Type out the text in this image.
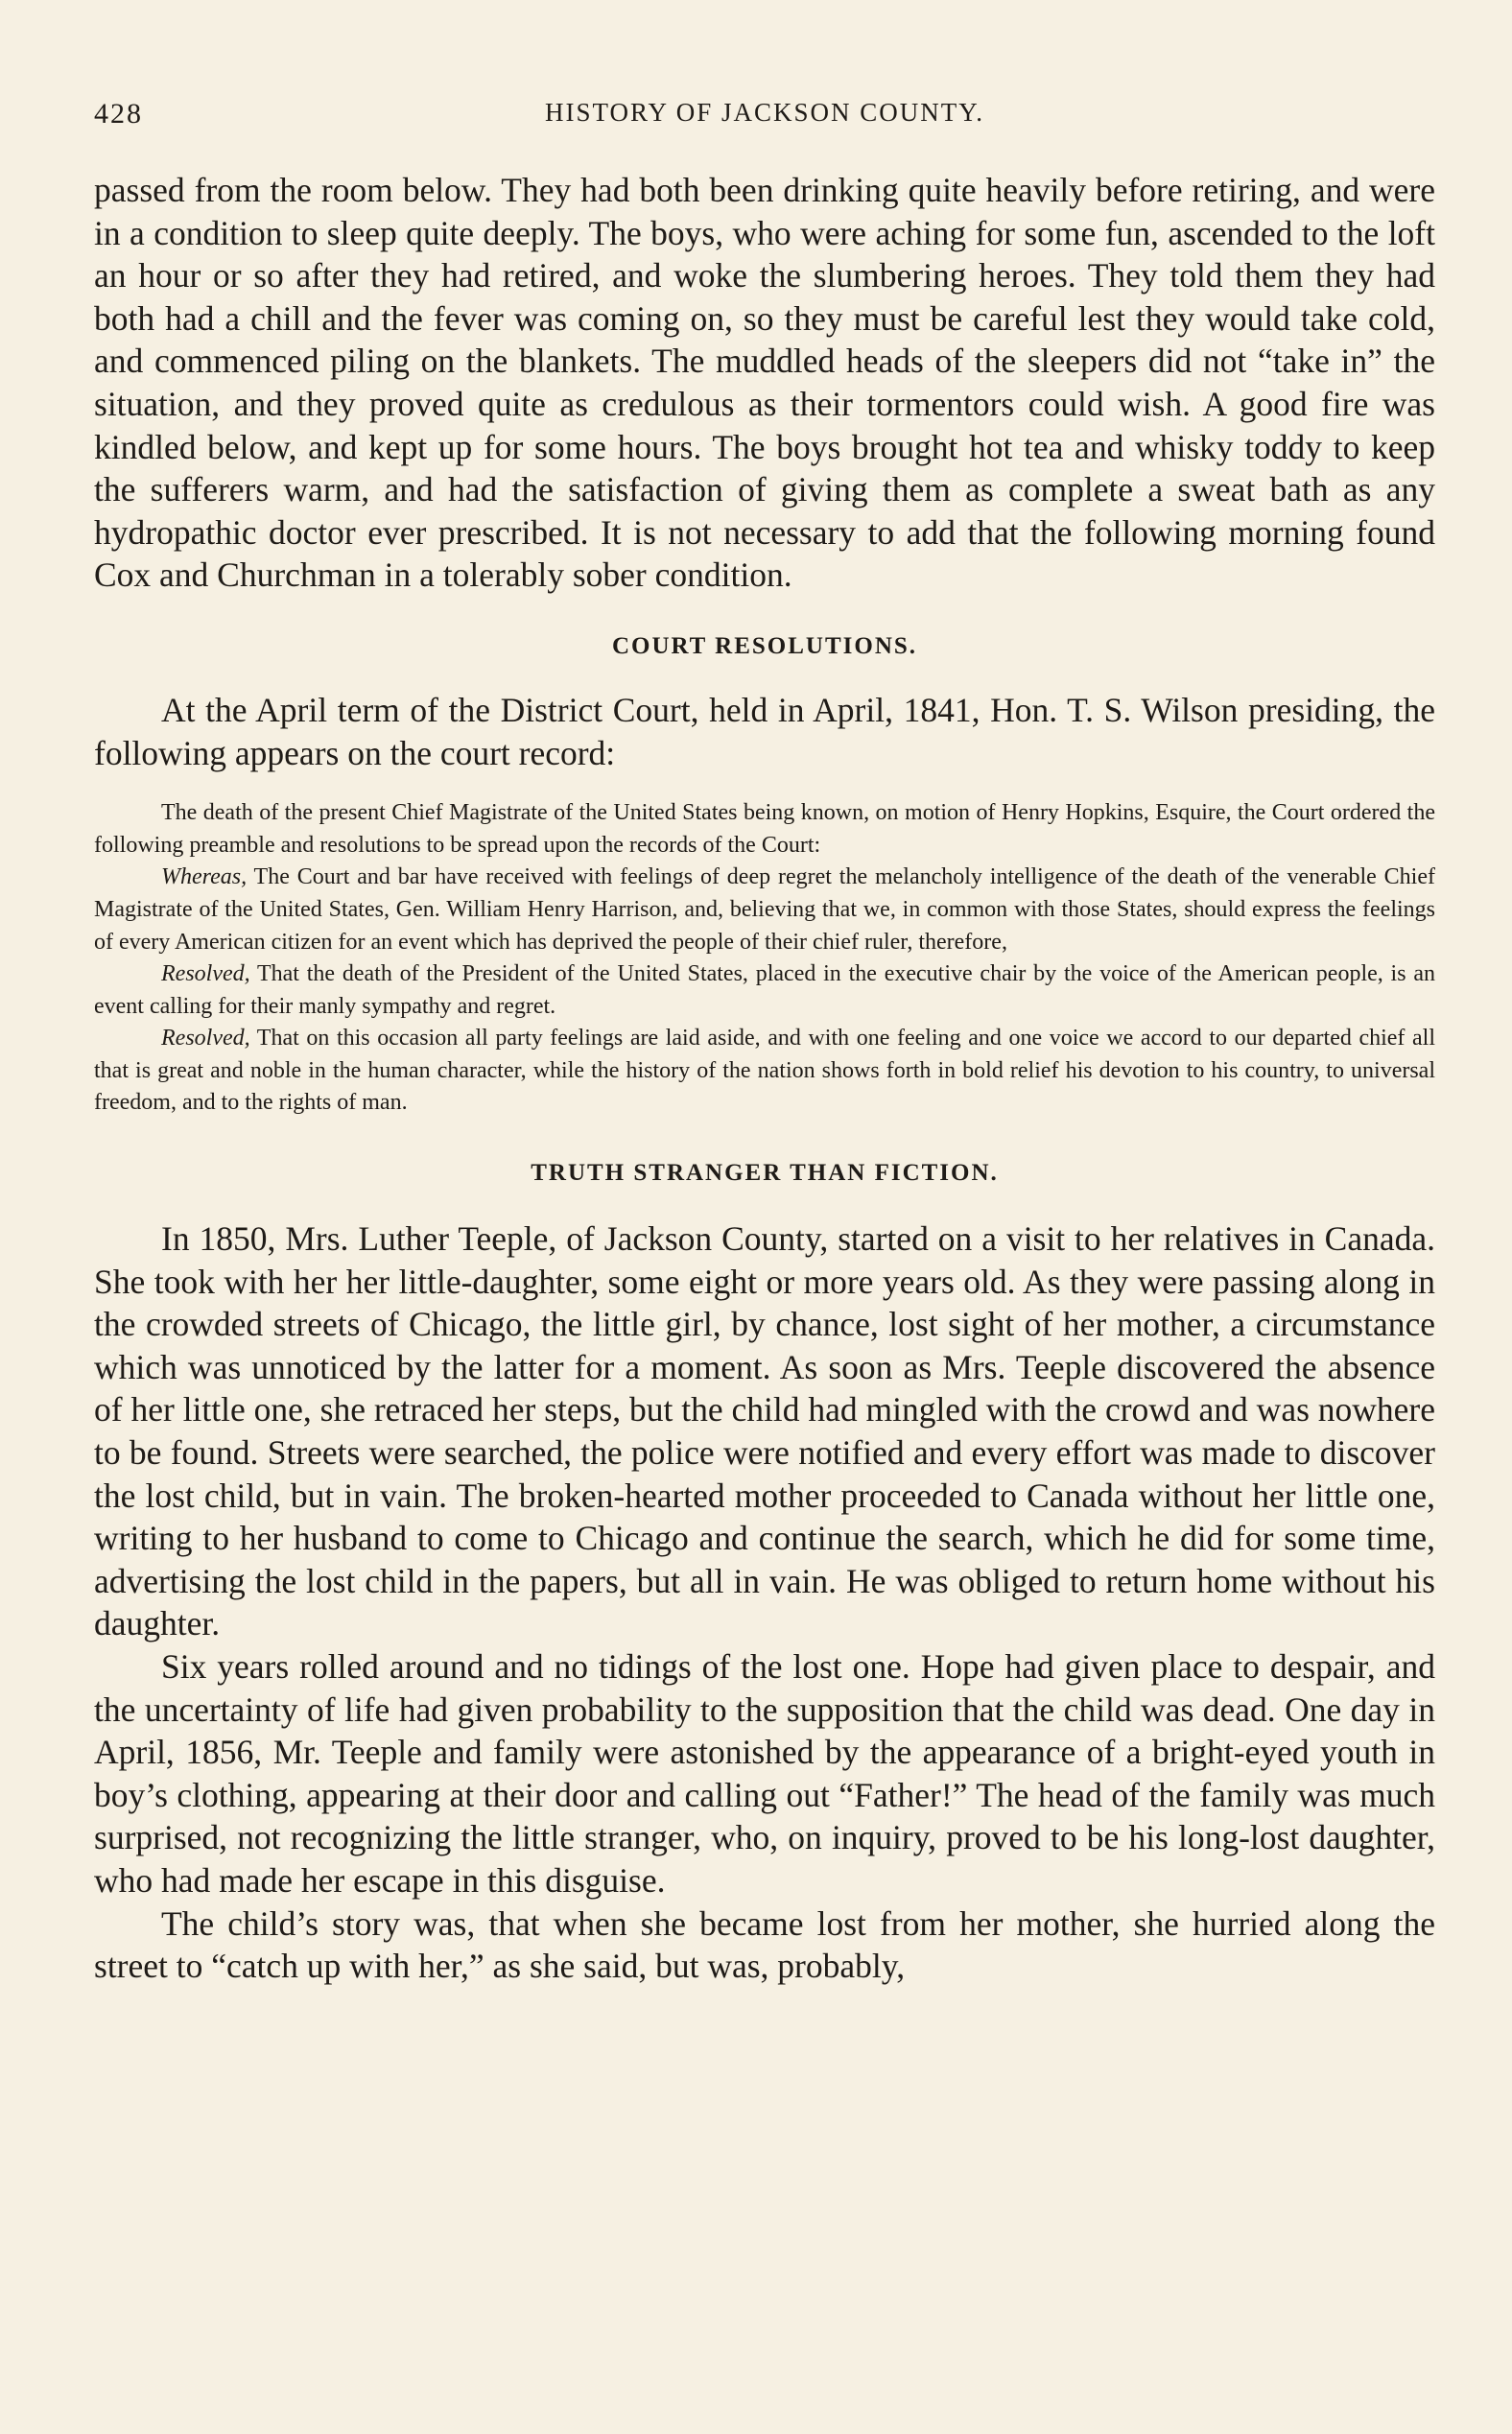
428	HISTORY OF JACKSON COUNTY.

passed from the room below. They had both been drinking quite heavily before retiring, and were in a condition to sleep quite deeply. The boys, who were aching for some fun, ascended to the loft an hour or so after they had retired, and woke the slumbering heroes. They told them they had both had a chill and the fever was coming on, so they must be careful lest they would take cold, and commenced piling on the blankets. The muddled heads of the sleepers did not “take in” the situation, and they proved quite as credulous as their tormentors could wish. A good fire was kindled below, and kept up for some hours. The boys brought hot tea and whisky toddy to keep the sufferers warm, and had the satisfaction of giving them as complete a sweat bath as any hydropathic doctor ever prescribed. It is not necessary to add that the following morning found Cox and Churchman in a tolerably sober condition.

COURT RESOLUTIONS.

At the April term of the District Court, held in April, 1841, Hon. T. S. Wilson presiding, the following appears on the court record:

The death of the present Chief Magistrate of the United States being known, on motion of Henry Hopkins, Esquire, the Court ordered the following preamble and resolutions to be spread upon the records of the Court:

Whereas, The Court and bar have received with feelings of deep regret the melancholy intelligence of the death of the venerable Chief Magistrate of the United States, Gen. William Henry Harrison, and, believing that we, in common with those States, should express the feelings of every American citizen for an event which has deprived the people of their chief ruler, therefore,

Resolved, That the death of the President of the United States, placed in the executive chair by the voice of the American people, is an event calling for their manly sympathy and regret.

Resolved, That on this occasion all party feelings are laid aside, and with one feeling and one voice we accord to our departed chief all that is great and noble in the human character, while the history of the nation shows forth in bold relief his devotion to his country, to universal freedom, and to the rights of man.

TRUTH STRANGER THAN FICTION.

In 1850, Mrs. Luther Teeple, of Jackson County, started on a visit to her relatives in Canada. She took with her her little-daughter, some eight or more years old. As they were passing along in the crowded streets of Chicago, the little girl, by chance, lost sight of her mother, a circumstance which was unnoticed by the latter for a moment. As soon as Mrs. Teeple discovered the absence of her little one, she retraced her steps, but the child had mingled with the crowd and was nowhere to be found. Streets were searched, the police were notified and every effort was made to discover the lost child, but in vain. The broken-hearted mother proceeded to Canada without her little one, writing to her husband to come to Chicago and continue the search, which he did for some time, advertising the lost child in the papers, but all in vain. He was obliged to return home without his daughter.

Six years rolled around and no tidings of the lost one. Hope had given place to despair, and the uncertainty of life had given probability to the supposition that the child was dead. One day in April, 1856, Mr. Teeple and family were astonished by the appearance of a bright-eyed youth in boy’s clothing, appearing at their door and calling out “Father!” The head of the family was much surprised, not recognizing the little stranger, who, on inquiry, proved to be his long-lost daughter, who had made her escape in this disguise.

The child’s story was, that when she became lost from her mother, she hurried along the street to “catch up with her,” as she said, but was, probably,
